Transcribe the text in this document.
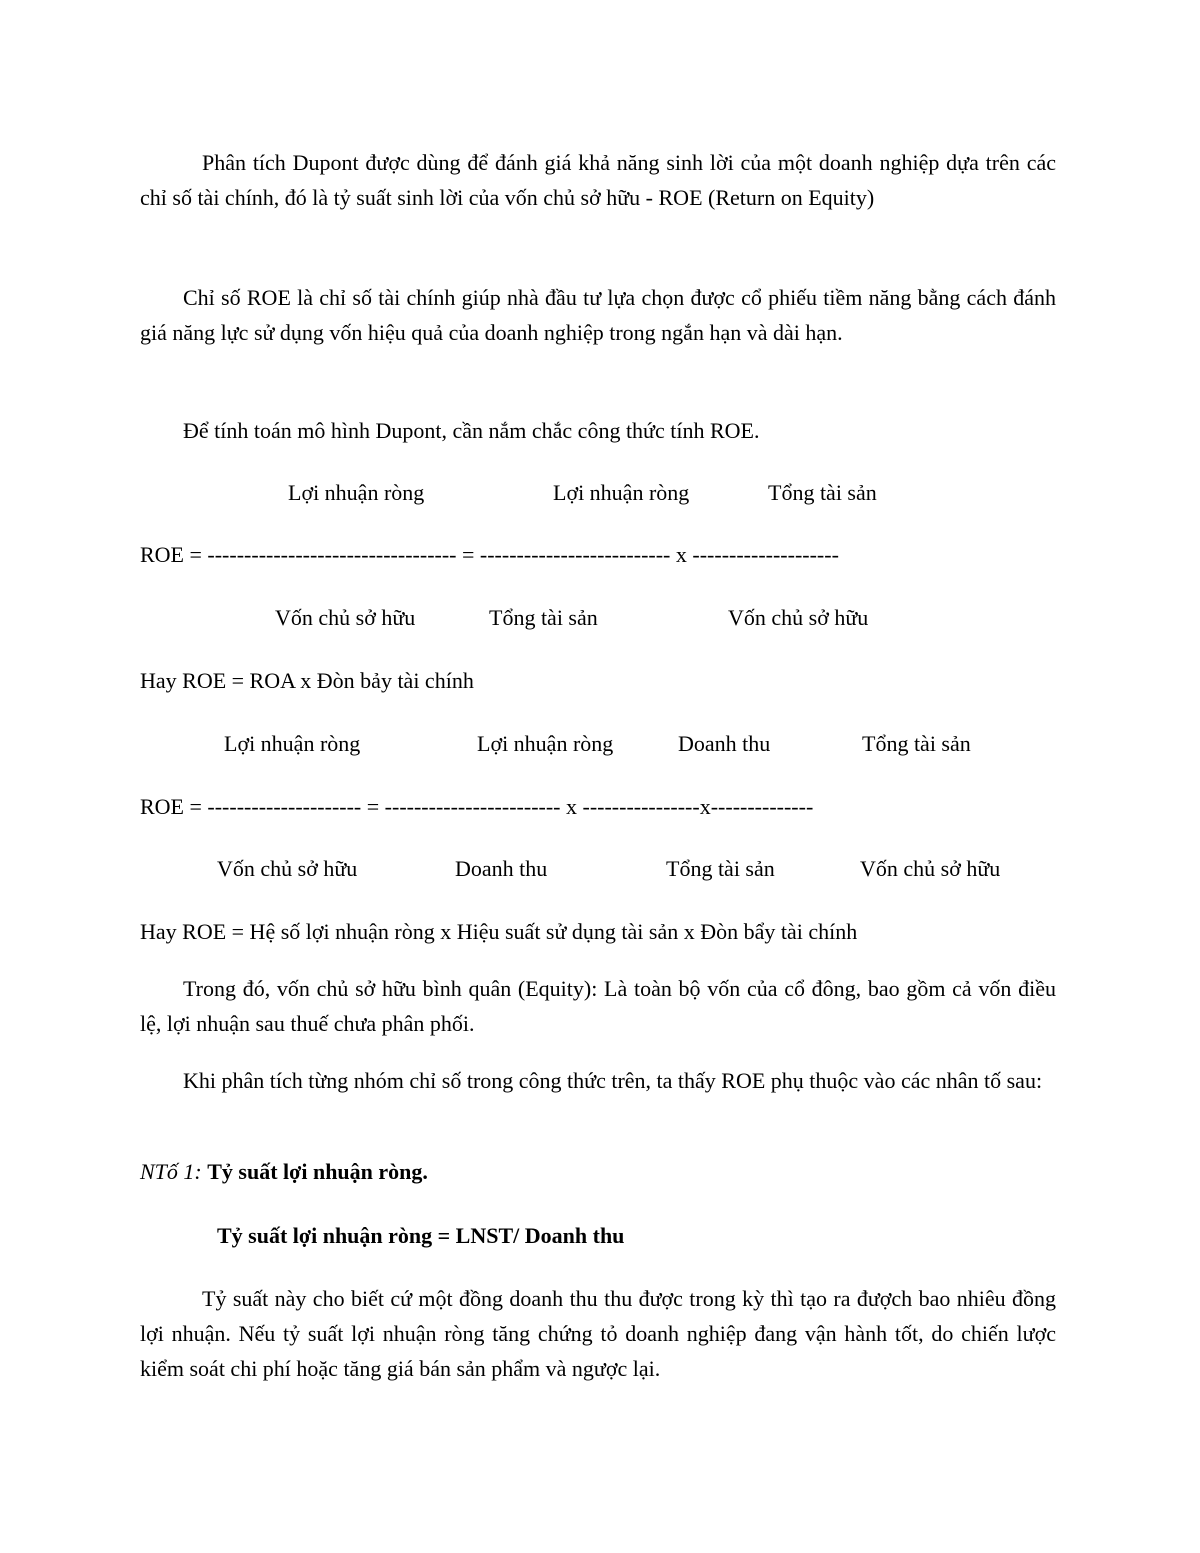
Phân tích Dupont được dùng để đánh giá khả năng sinh lời của một doanh nghiệp dựa trên các chỉ số tài chính, đó là tỷ suất sinh lời của vốn chủ sở hữu - ROE (Return on Equity)
Chỉ số ROE là chỉ số tài chính giúp nhà đầu tư lựa chọn được cổ phiếu tiềm năng bằng cách đánh giá năng lực sử dụng vốn hiệu quả của doanh nghiệp trong ngắn hạn và dài hạn.
Để tính toán mô hình Dupont, cần nắm chắc công thức tính ROE.
Lợi nhuận ròng	Lợi nhuận ròng	Tổng tài sản
ROE = ---------------------------------- = -------------------------- x --------------------
Vốn chủ sở hữu	Tổng tài sản	Vốn chủ sở hữu
Hay ROE = ROA x Đòn bảy tài chính
Lợi nhuận ròng	Lợi nhuận ròng	Doanh thu	Tổng tài sản
ROE = --------------------- = ------------------------ x ----------------x--------------
Vốn chủ sở hữu	Doanh thu	Tổng tài sản	Vốn chủ sở hữu
Hay ROE = Hệ số lợi nhuận ròng x Hiệu suất sử dụng tài sản x Đòn bẩy tài chính
Trong đó, vốn chủ sở hữu bình quân (Equity): Là toàn bộ vốn của cổ đông, bao gồm cả vốn điều lệ, lợi nhuận sau thuế chưa phân phối.
Khi phân tích từng nhóm chỉ số trong công thức trên, ta thấy ROE phụ thuộc vào các nhân tố sau:
NTố 1: Tỷ suất lợi nhuận ròng.
Tỷ suất lợi nhuận ròng = LNST/ Doanh thu
Tỷ suất này cho biết cứ một đồng doanh thu thu được trong kỳ thì tạo ra đượch bao nhiêu đồng lợi nhuận. Nếu tỷ suất lợi nhuận ròng tăng chứng tỏ doanh nghiệp đang vận hành tốt, do chiến lược kiểm soát chi phí hoặc tăng giá bán sản phẩm và ngược lại.
